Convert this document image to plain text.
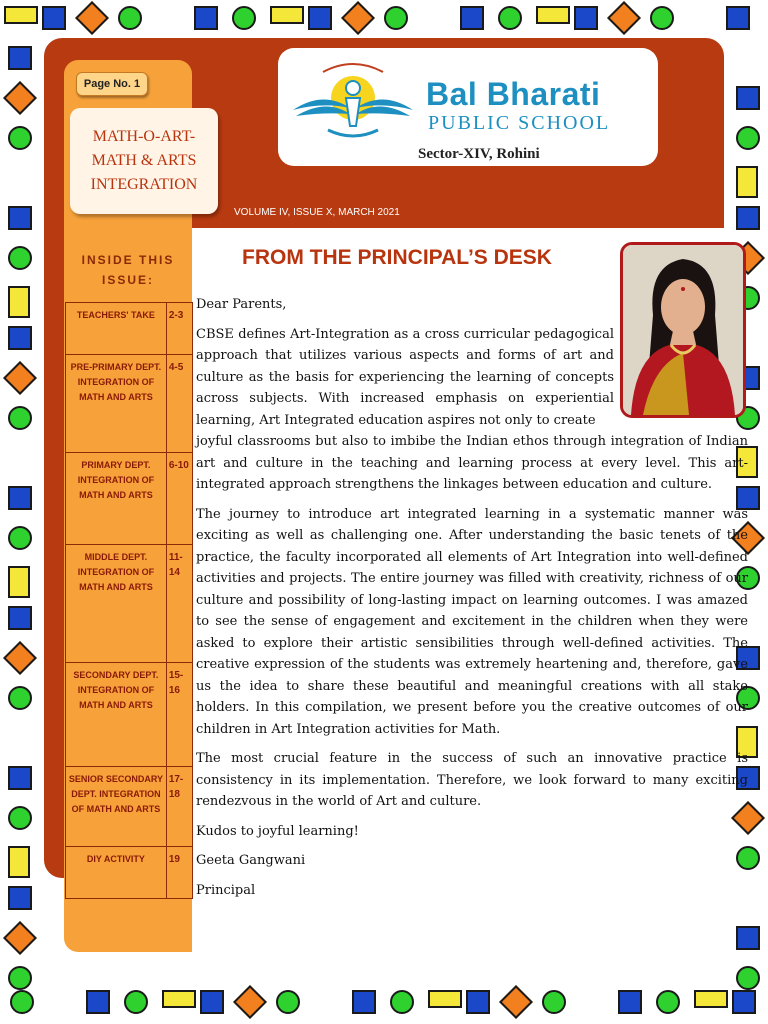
Page No. 1
MATH-O-ART- MATH & ARTS INTEGRATION
Bal Bharati
PUBLIC SCHOOL
Sector-XIV, Rohini
VOLUME IV, ISSUE X, MARCH 2021
FROM THE PRINCIPAL’S DESK
INSIDE THIS ISSUE:
TEACHERS' TAKE	2-3
PRE-PRIMARY DEPT. INTEGRATION OF MATH AND ARTS	4-5
PRIMARY DEPT. INTEGRATION OF MATH AND ARTS	6-10
MIDDLE DEPT. INTEGRATION OF MATH AND ARTS	11-14
SECONDARY DEPT. INTEGRATION OF MATH AND ARTS	15-16
SENIOR SECONDARY DEPT. INTEGRATION OF MATH AND ARTS	17-18
DIY ACTIVITY	19

Dear Parents,

CBSE defines Art-Integration as a cross curricular pedagogical approach that utilizes various aspects and forms of art and culture as the basis for experiencing the learning of concepts across subjects. With increased emphasis on experiential learning, Art Integrated education aspires not only to create

joyful classrooms but also to imbibe the Indian ethos through integration of Indian art and culture in the teaching and learning process at every level. This art-integrated approach strengthens the linkages between education and culture.

The journey to introduce art integrated learning in a systematic manner was exciting as well as challenging one. After understanding the basic tenets of the practice, the faculty incorporated all elements of Art Integration into well-defined activities and projects. The entire journey was filled with creativity, richness of our culture and possibility of long-lasting impact on learning outcomes. I was amazed to see the sense of engagement and excitement in the children when they were asked to explore their artistic sensibilities through well-defined activities. The creative expression of the students was extremely heartening and, therefore, gave us the idea to share these beautiful and meaningful creations with all stake holders. In this compilation, we present before you the creative outcomes of our children in Art Integration activities for Math.

The most crucial feature in the success of such an innovative practice is consistency in its implementation. Therefore, we look forward to many exciting rendezvous in the world of Art and culture.

Kudos to joyful learning!

Geeta Gangwani

Principal
